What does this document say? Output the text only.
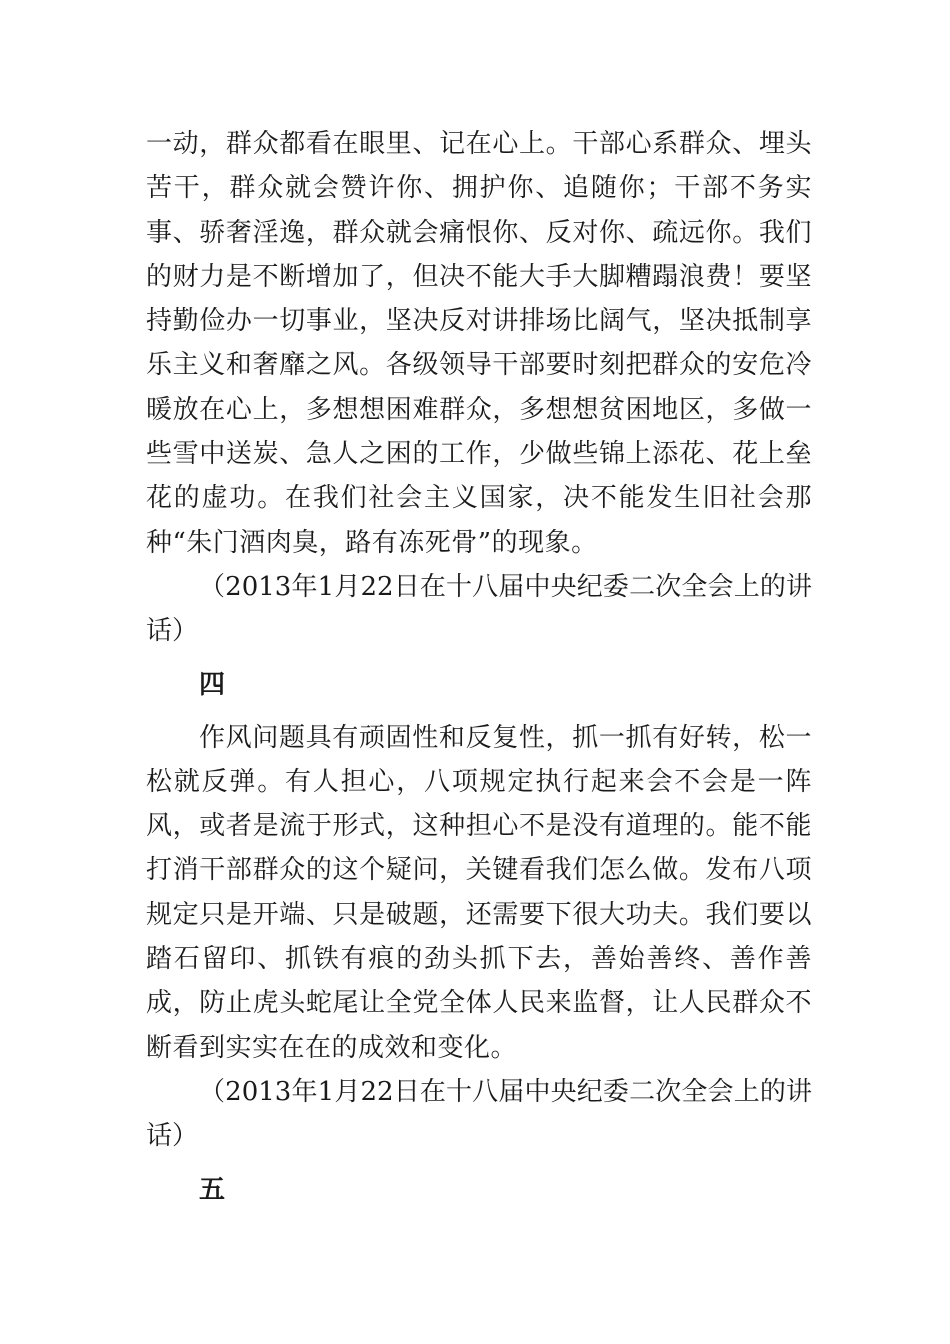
一动，群众都看在眼里、记在心上。干部心系群众、埋头苦干，群众就会赞许你、拥护你、追随你；干部不务实事、骄奢淫逸，群众就会痛恨你、反对你、疏远你。我们的财力是不断增加了，但决不能大手大脚糟蹋浪费！要坚持勤俭办一切事业，坚决反对讲排场比阔气，坚决抵制享乐主义和奢靡之风。各级领导干部要时刻把群众的安危冷暖放在心上，多想想困难群众，多想想贫困地区，多做一些雪中送炭、急人之困的工作，少做些锦上添花、花上垒花的虚功。在我们社会主义国家，决不能发生旧社会那种“朱门酒肉臭，路有冻死骨”的现象。

（2013年1月22日在十八届中央纪委二次全会上的讲话）

四

作风问题具有顽固性和反复性，抓一抓有好转，松一松就反弹。有人担心，八项规定执行起来会不会是一阵风，或者是流于形式，这种担心不是没有道理的。能不能打消干部群众的这个疑问，关键看我们怎么做。发布八项规定只是开端、只是破题，还需要下很大功夫。我们要以踏石留印、抓铁有痕的劲头抓下去，善始善终、善作善成，防止虎头蛇尾让全党全体人民来监督，让人民群众不断看到实实在在的成效和变化。

（2013年1月22日在十八届中央纪委二次全会上的讲话）

五
